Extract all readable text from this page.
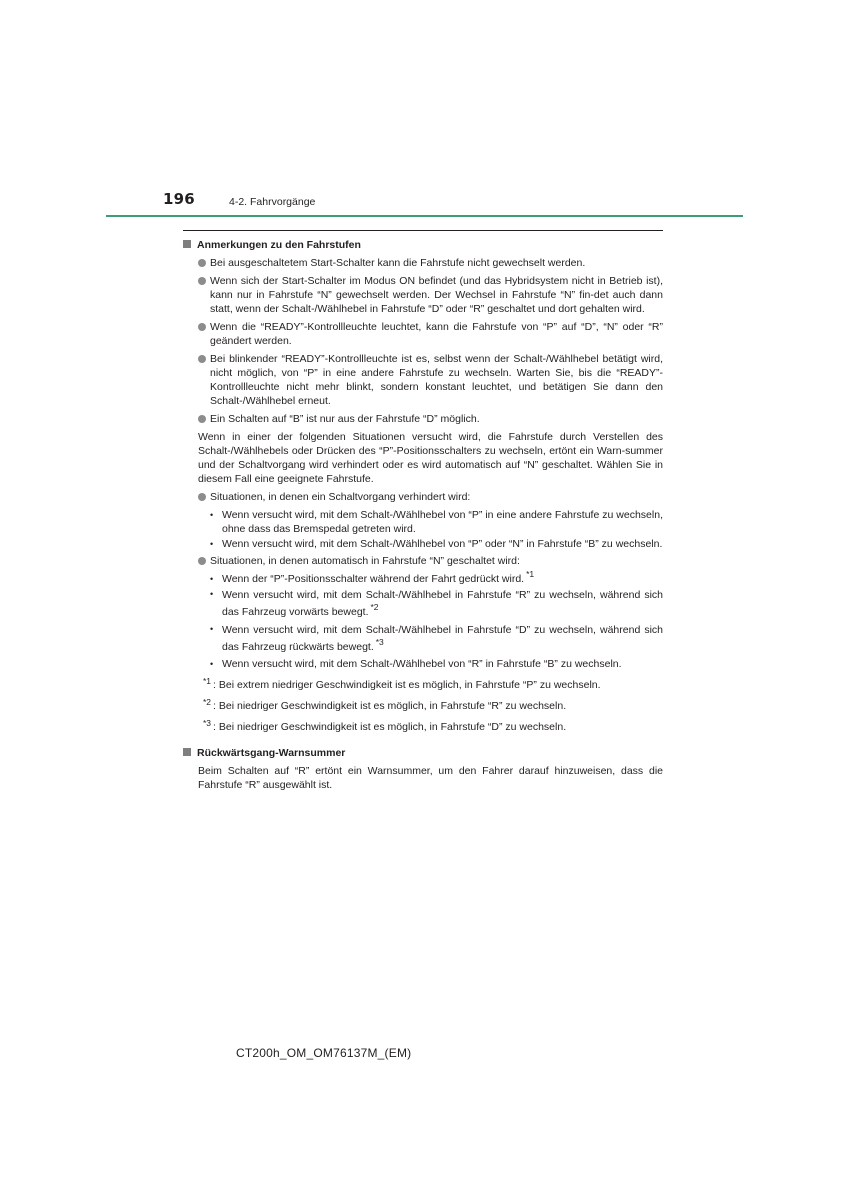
196	4-2. Fahrvorgänge
Anmerkungen zu den Fahrstufen
Bei ausgeschaltetem Start-Schalter kann die Fahrstufe nicht gewechselt werden.
Wenn sich der Start-Schalter im Modus ON befindet (und das Hybridsystem nicht in Betrieb ist), kann nur in Fahrstufe “N” gewechselt werden. Der Wechsel in Fahrstufe “N” fin-det auch dann statt, wenn der Schalt-/Wählhebel in Fahrstufe “D” oder “R” geschaltet und dort gehalten wird.
Wenn die “READY”-Kontrollleuchte leuchtet, kann die Fahrstufe von “P” auf “D”, “N” oder “R” geändert werden.
Bei blinkender “READY”-Kontrollleuchte ist es, selbst wenn der Schalt-/Wählhebel betätigt wird, nicht möglich, von “P” in eine andere Fahrstufe zu wechseln. Warten Sie, bis die “READY”-Kontrollleuchte nicht mehr blinkt, sondern konstant leuchtet, und betätigen Sie dann den Schalt-/Wählhebel erneut.
Ein Schalten auf “B” ist nur aus der Fahrstufe “D” möglich.
Wenn in einer der folgenden Situationen versucht wird, die Fahrstufe durch Verstellen des Schalt-/Wählhebels oder Drücken des “P”-Positionsschalters zu wechseln, ertönt ein Warn-summer und der Schaltvorgang wird verhindert oder es wird automatisch auf “N” geschaltet. Wählen Sie in diesem Fall eine geeignete Fahrstufe.
Situationen, in denen ein Schaltvorgang verhindert wird:
• Wenn versucht wird, mit dem Schalt-/Wählhebel von “P” in eine andere Fahrstufe zu wechseln, ohne dass das Bremspedal getreten wird.
• Wenn versucht wird, mit dem Schalt-/Wählhebel von “P” oder “N” in Fahrstufe “B” zu wechseln.
Situationen, in denen automatisch in Fahrstufe “N” geschaltet wird:
• Wenn der “P”-Positionsschalter während der Fahrt gedrückt wird. $^{*1}$
• Wenn versucht wird, mit dem Schalt-/Wählhebel in Fahrstufe “R” zu wechseln, während sich das Fahrzeug vorwärts bewegt. $^{*2}$
• Wenn versucht wird, mit dem Schalt-/Wählhebel in Fahrstufe “D” zu wechseln, während sich das Fahrzeug rückwärts bewegt. $^{*3}$
• Wenn versucht wird, mit dem Schalt-/Wählhebel von “R” in Fahrstufe “B” zu wechseln.
*1 : Bei extrem niedriger Geschwindigkeit ist es möglich, in Fahrstufe “P” zu wechseln.
*2 : Bei niedriger Geschwindigkeit ist es möglich, in Fahrstufe “R” zu wechseln.
*3 : Bei niedriger Geschwindigkeit ist es möglich, in Fahrstufe “D” zu wechseln.
Rückwärtsgang-Warnsummer
Beim Schalten auf “R” ertönt ein Warnsummer, um den Fahrer darauf hinzuweisen, dass die Fahrstufe “R” ausgewählt ist.
CT200h_OM_OM76137M_(EM)
